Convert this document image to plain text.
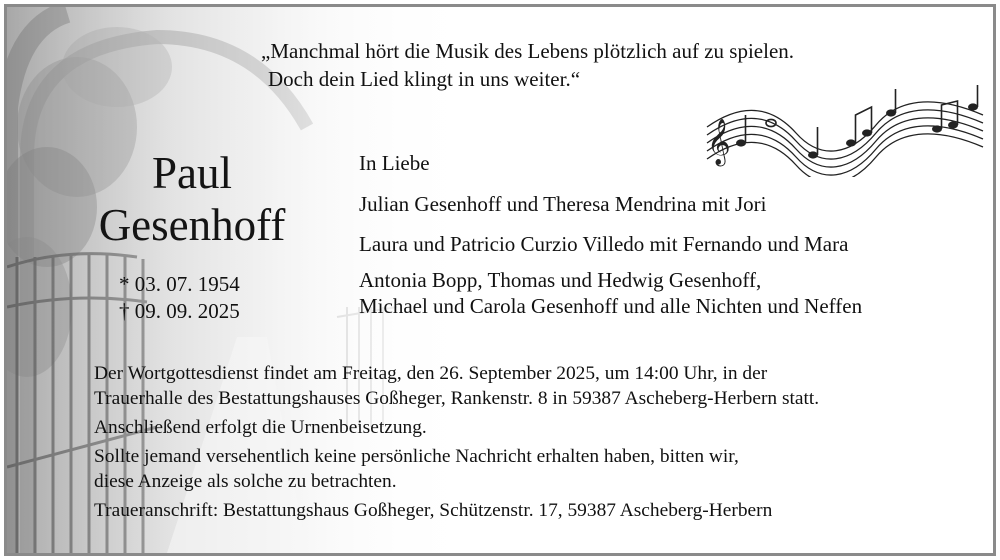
„Manchmal hört die Musik des Lebens plötzlich auf zu spielen.
Doch dein Lied klingt in uns weiter.“
𝄞
Paul
Gesenhoff
* 03. 07. 1954
† 09. 09. 2025
In Liebe
Julian Gesenhoff und Theresa Mendrina mit Jori
Laura und Patricio Curzio Villedo mit Fernando und Mara
Antonia Bopp, Thomas und Hedwig Gesenhoff,
Michael und Carola Gesenhoff und alle Nichten und Neffen
Der Wortgottesdienst findet am Freitag, den 26. September 2025, um 14:00 Uhr, in der
Trauerhalle des Bestattungshauses Goßheger, Rankenstr. 8 in 59387 Ascheberg-Herbern statt.
Anschließend erfolgt die Urnenbeisetzung.
Sollte jemand versehentlich keine persönliche Nachricht erhalten haben, bitten wir,
diese Anzeige als solche zu betrachten.
Traueranschrift: Bestattungshaus Goßheger, Schützenstr. 17, 59387 Ascheberg-Herbern
